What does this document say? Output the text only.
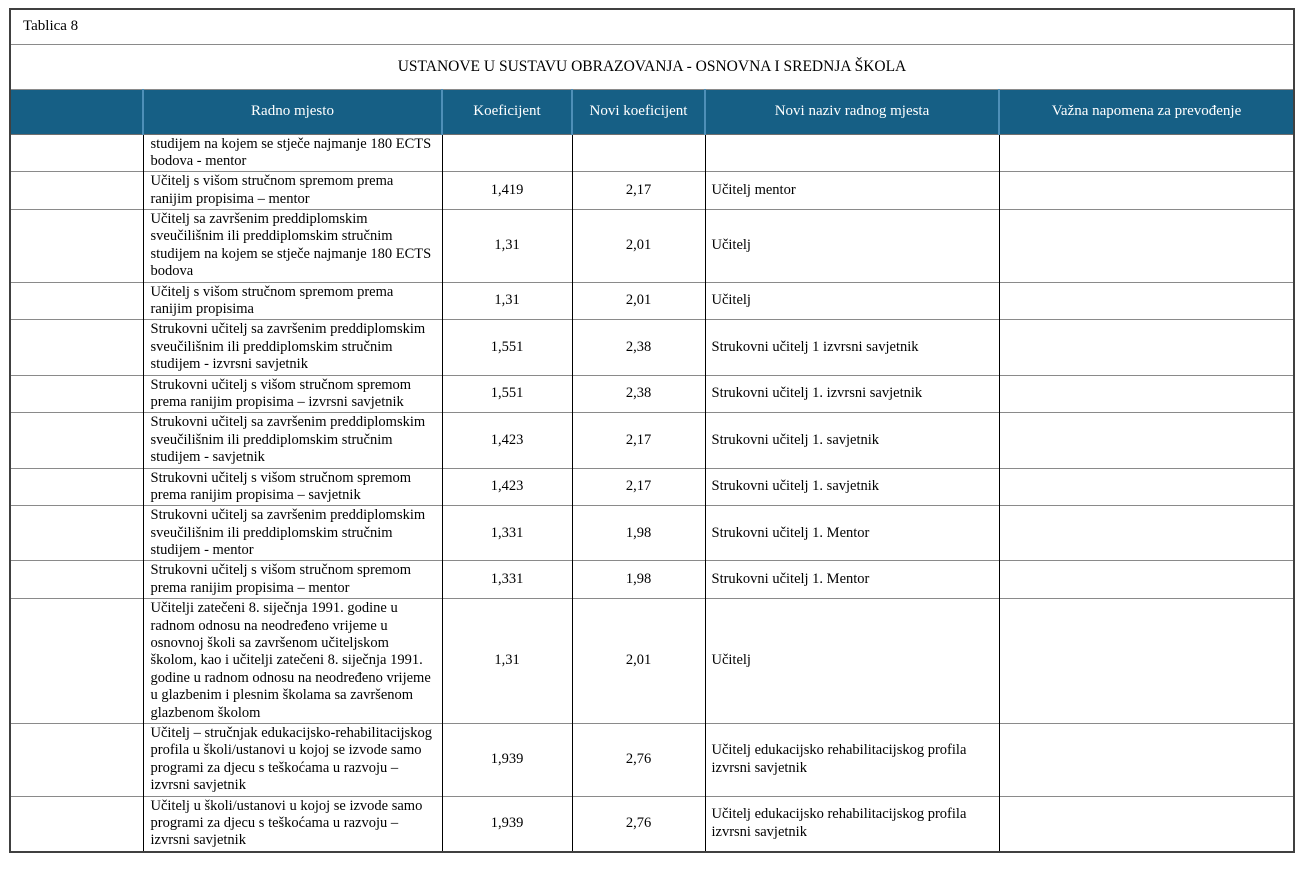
Tablica 8					
USTANOVE U SUSTAVU OBRAZOVANJA - OSNOVNA I SREDNJA ŠKOLA					
	Radno mjesto	Koeficijent	Novi koeficijent	Novi naziv radnog mjesta	Važna napomena za prevođenje
	studijem na kojem se stječe najmanje 180 ECTS bodova - mentor				
	Učitelj s višom stručnom spremom prema ranijim propisima – mentor	1,419	2,17	Učitelj mentor	
	Učitelj sa završenim preddiplomskim sveučilišnim ili preddiplomskim stručnim studijem na kojem se stječe najmanje 180 ECTS bodova	1,31	2,01	Učitelj	
	Učitelj s višom stručnom spremom prema ranijim propisima	1,31	2,01	Učitelj	
	Strukovni učitelj sa završenim preddiplomskim sveučilišnim ili preddiplomskim stručnim studijem - izvrsni savjetnik	1,551	2,38	Strukovni učitelj 1 izvrsni savjetnik	
	Strukovni učitelj s višom stručnom spremom prema ranijim propisima – izvrsni savjetnik	1,551	2,38	Strukovni učitelj 1. izvrsni savjetnik	
	Strukovni učitelj sa završenim preddiplomskim sveučilišnim ili preddiplomskim stručnim studijem - savjetnik	1,423	2,17	Strukovni učitelj 1. savjetnik	
	Strukovni učitelj s višom stručnom spremom prema ranijim propisima – savjetnik	1,423	2,17	Strukovni učitelj 1. savjetnik	
	Strukovni učitelj sa završenim preddiplomskim sveučilišnim ili preddiplomskim stručnim studijem - mentor	1,331	1,98	Strukovni učitelj 1. Mentor	
	Strukovni učitelj s višom stručnom spremom prema ranijim propisima – mentor	1,331	1,98	Strukovni učitelj 1. Mentor	
	Učitelji zatečeni 8. siječnja 1991. godine u radnom odnosu na neodređeno vrijeme u osnovnoj školi sa završenom učiteljskom školom, kao i učitelji zatečeni 8. siječnja 1991. godine u radnom odnosu na neodređeno vrijeme u glazbenim i plesnim školama sa završenom glazbenom školom	1,31	2,01	Učitelj	
	Učitelj – stručnjak edukacijsko-rehabilitacijskog profila u školi/ustanovi u kojoj se izvode samo programi za djecu s teškoćama u razvoju – izvrsni savjetnik	1,939	2,76	Učitelj edukacijsko rehabilitacijskog profila izvrsni savjetnik	
	Učitelj u školi/ustanovi u kojoj se izvode samo programi za djecu s teškoćama u razvoju – izvrsni savjetnik	1,939	2,76	Učitelj edukacijsko rehabilitacijskog profila izvrsni savjetnik	
